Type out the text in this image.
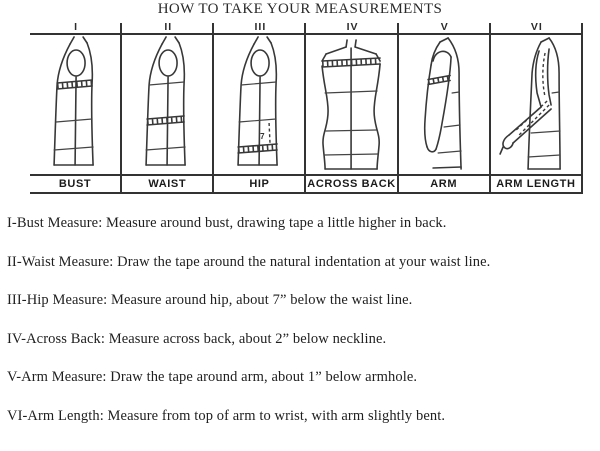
HOW TO TAKE YOUR MEASUREMENTS
I
BUST
II
WAIST
III
7
HIP
IV
ACROSS BACK
V
ARM
VI
ARM LENGTH

I-Bust Measure: Measure around bust, drawing tape a little higher in back.

II-Waist Measure: Draw the tape around the natural indentation at your waist line.

III-Hip Measure: Measure around hip, about 7” below the waist line.

IV-Across Back: Measure across back, about 2” below neckline.

V-Arm Measure: Draw the tape around arm, about 1” below armhole.

VI-Arm Length: Measure from top of arm to wrist, with arm slightly bent.
